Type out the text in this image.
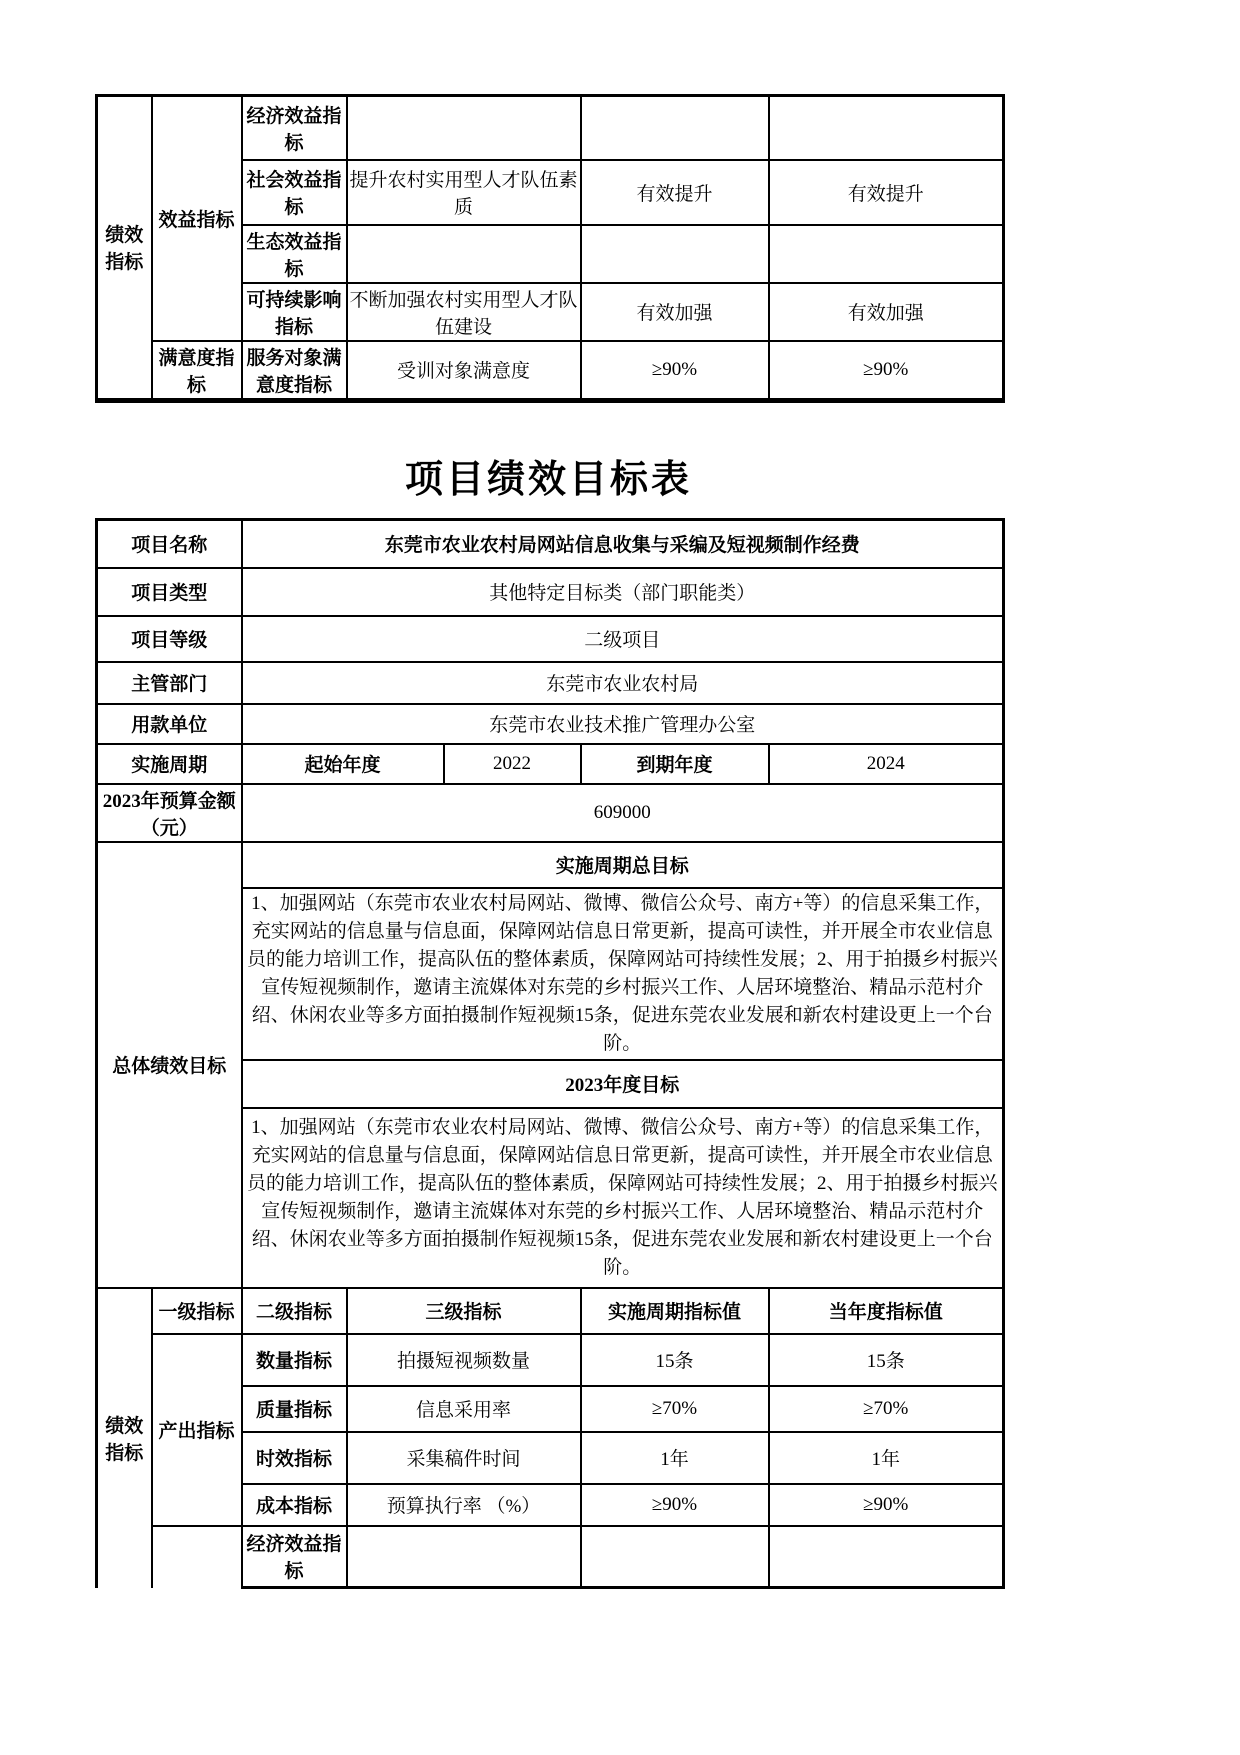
绩效指标	效益指标	经济效益指标			
		社会效益指标	提升农村实用型人才队伍素质	有效提升	有效提升
		生态效益指标			
		可持续影响指标	不断加强农村实用型人才队伍建设	有效加强	有效加强
	满意度指标	服务对象满意度指标	受训对象满意度	≥90%	≥90%
项目绩效目标表
项目名称		东莞市农业农村局网站信息收集与采编及短视频制作经费				
项目类型		其他特定目标类（部门职能类）				
项目等级		二级项目				
主管部门		东莞市农业农村局				
用款单位		东莞市农业技术推广管理办公室				
实施周期		起始年度		2022	到期年度	2024
2023年预算金额（元）		609000				
总体绩效目标		实施周期总目标				
		1、加强网站（东莞市农业农村局网站、微博、微信公众号、南方+等）的信息采集工作，充实网站的信息量与信息面，保障网站信息日常更新，提高可读性，并开展全市农业信息员的能力培训工作，提高队伍的整体素质，保障网站可持续性发展；2、用于拍摄乡村振兴宣传短视频制作，邀请主流媒体对东莞的乡村振兴工作、人居环境整治、精品示范村介绍、休闲农业等多方面拍摄制作短视频15条，促进东莞农业发展和新农村建设更上一个台阶。				
		2023年度目标				
		1、加强网站（东莞市农业农村局网站、微博、微信公众号、南方+等）的信息采集工作，充实网站的信息量与信息面，保障网站信息日常更新，提高可读性，并开展全市农业信息员的能力培训工作，提高队伍的整体素质，保障网站可持续性发展；2、用于拍摄乡村振兴宣传短视频制作，邀请主流媒体对东莞的乡村振兴工作、人居环境整治、精品示范村介绍、休闲农业等多方面拍摄制作短视频15条，促进东莞农业发展和新农村建设更上一个台阶。				
绩效指标	一级指标	二级指标	三级指标		实施周期指标值	当年度指标值
	产出指标	数量指标	拍摄短视频数量		15条	15条
		质量指标	信息采用率		≥70%	≥70%
		时效指标	采集稿件时间		1年	1年
		成本指标	预算执行率 （%）		≥90%	≥90%
		经济效益指标				
